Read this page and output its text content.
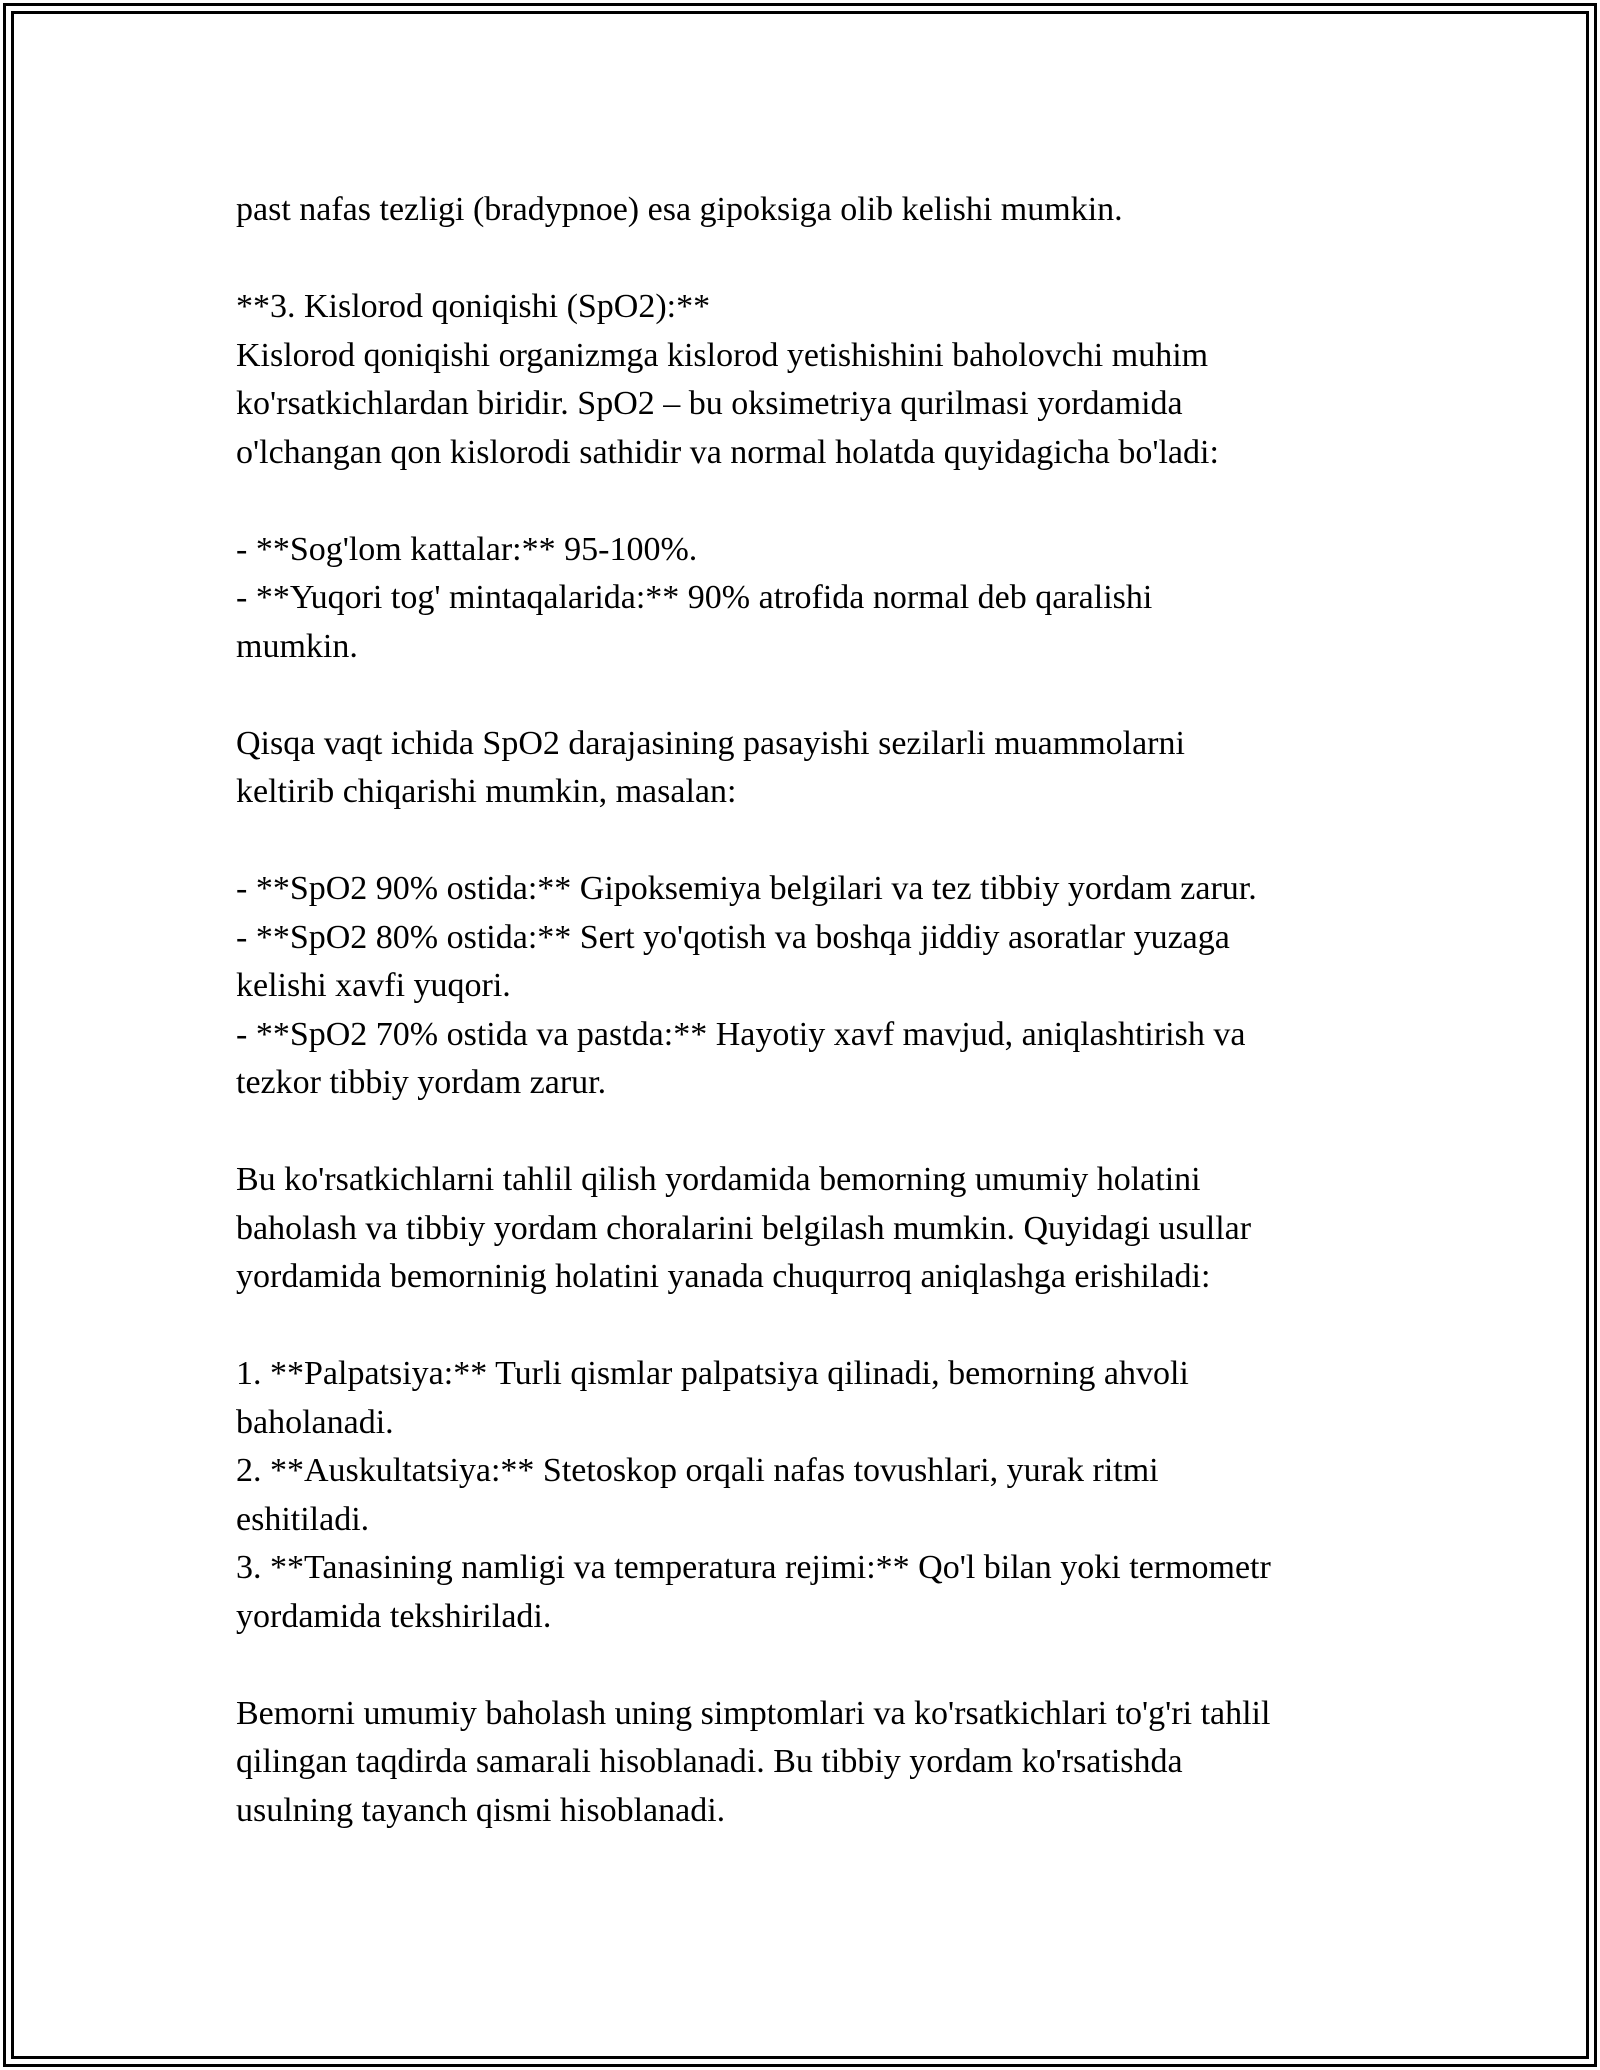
past nafas tezligi (bradypnoe) esa gipoksiga olib kelishi mumkin.
**3. Kislorod qoniqishi (SpO2):**
Kislorod qoniqishi organizmga kislorod yetishishini baholovchi muhim
ko'rsatkichlardan biridir. SpO2 – bu oksimetriya qurilmasi yordamida
o'lchangan qon kislorodi sathidir va normal holatda quyidagicha bo'ladi:
- **Sog'lom kattalar:** 95-100%.
- **Yuqori tog' mintaqalarida:** 90% atrofida normal deb qaralishi
mumkin.
Qisqa vaqt ichida SpO2 darajasining pasayishi sezilarli muammolarni
keltirib chiqarishi mumkin, masalan:
- **SpO2 90% ostida:** Gipoksemiya belgilari va tez tibbiy yordam zarur.
- **SpO2 80% ostida:** Sert yo'qotish va boshqa jiddiy asoratlar yuzaga
kelishi xavfi yuqori.
- **SpO2 70% ostida va pastda:** Hayotiy xavf mavjud, aniqlashtirish va
tezkor tibbiy yordam zarur.
Bu ko'rsatkichlarni tahlil qilish yordamida bemorning umumiy holatini
baholash va tibbiy yordam choralarini belgilash mumkin. Quyidagi usullar
yordamida bemorninig holatini yanada chuqurroq aniqlashga erishiladi:
1. **Palpatsiya:** Turli qismlar palpatsiya qilinadi, bemorning ahvoli
baholanadi.
2. **Auskultatsiya:** Stetoskop orqali nafas tovushlari, yurak ritmi
eshitiladi.
3. **Tanasining namligi va temperatura rejimi:** Qo'l bilan yoki termometr
yordamida tekshiriladi.
Bemorni umumiy baholash uning simptomlari va ko'rsatkichlari to'g'ri tahlil
qilingan taqdirda samarali hisoblanadi. Bu tibbiy yordam ko'rsatishda
usulning tayanch qismi hisoblanadi.
